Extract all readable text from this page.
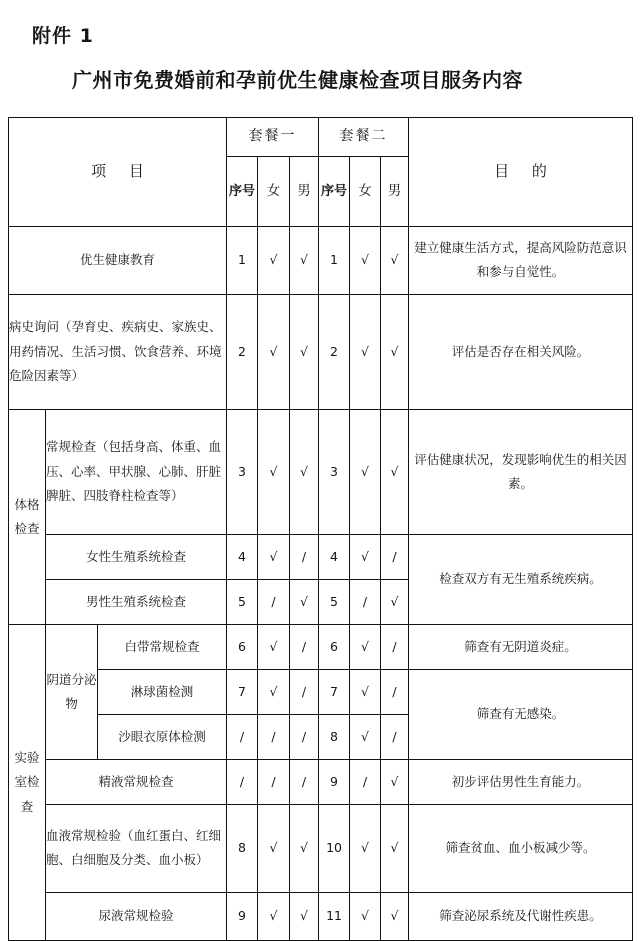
附件 1
广州市免费婚前和孕前优生健康检查项目服务内容
项 目			套餐一			套餐二			目 的
			序号	女	男	序号	女	男	
优生健康教育			1	√	√	1	√	√	建立健康生活方式，提高风险防范意识和参与自觉性。
病史询问（孕育史、疾病史、家族史、用药情况、生活习惯、饮食营养、环境危险因素等）			2	√	√	2	√	√	评估是否存在相关风险。

体格检查	常规检查（包括身高、体重、血压、心率、甲状腺、心肺、肝脏脾脏、四肢脊柱检查等）		3	√	√	3	√	√	评估健康状况，发现影响优生的相关因素。
	女性生殖系统检查		4	√	/	4	√	/	检查双方有无生殖系统疾病。
	男性生殖系统检查		5	/	√	5	/	√	

实验室检查	阴道分泌物	白带常规检查	6	√	/	6	√	/	筛查有无阴道炎症。
		淋球菌检测	7	√	/	7	√	/	筛查有无感染。
		沙眼衣原体检测	/	/	/	8	√	/	
	精液常规检查		/	/	/	9	/	√	初步评估男性生育能力。
	血液常规检验（血红蛋白、红细胞、白细胞及分类、血小板）		8	√	√	10	√	√	筛查贫血、血小板减少等。
	尿液常规检验		9	√	√	11	√	√	筛查泌尿系统及代谢性疾患。
